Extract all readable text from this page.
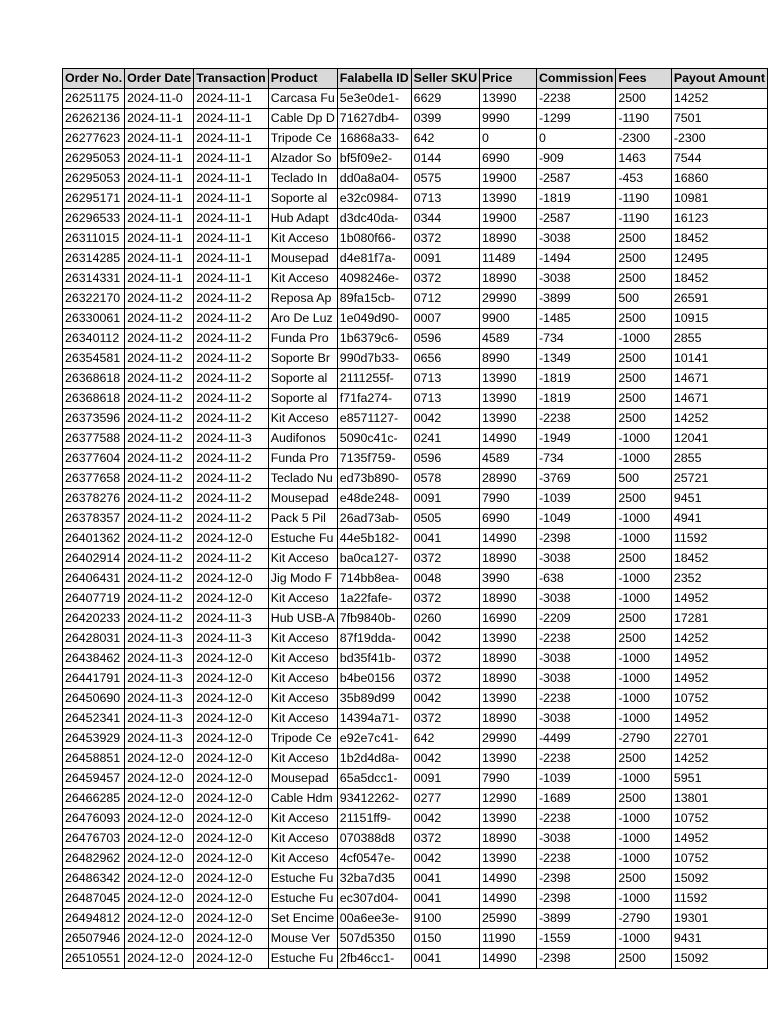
Order No.	Order Date	Transaction	Product	Falabella ID	Seller SKU	Price	Commission	Fees	Payout Amount
26251175	2024-11-0	2024-11-1	Carcasa Fu	5e3e0de1-	6629	13990	-2238	2500	14252
26262136	2024-11-1	2024-11-1	Cable Dp D	71627db4-	0399	9990	-1299	-1190	7501
26277623	2024-11-1	2024-11-1	Tripode Ce	16868a33-	642	0	0	-2300	-2300
26295053	2024-11-1	2024-11-1	Alzador So	bf5f09e2-	0144	6990	-909	1463	7544
26295053	2024-11-1	2024-11-1	Teclado In	dd0a8a04-	0575	19900	-2587	-453	16860
26295171	2024-11-1	2024-11-1	Soporte al	e32c0984-	0713	13990	-1819	-1190	10981
26296533	2024-11-1	2024-11-1	Hub Adapt	d3dc40da-	0344	19900	-2587	-1190	16123
26311015	2024-11-1	2024-11-1	Kit Acceso	1b080f66-	0372	18990	-3038	2500	18452
26314285	2024-11-1	2024-11-1	Mousepad	d4e81f7a-	0091	11489	-1494	2500	12495
26314331	2024-11-1	2024-11-1	Kit Acceso	4098246e-	0372	18990	-3038	2500	18452
26322170	2024-11-2	2024-11-2	Reposa Ap	89fa15cb-	0712	29990	-3899	500	26591
26330061	2024-11-2	2024-11-2	Aro De Luz	1e049d90-	0007	9900	-1485	2500	10915
26340112	2024-11-2	2024-11-2	Funda Pro	1b6379c6-	0596	4589	-734	-1000	2855
26354581	2024-11-2	2024-11-2	Soporte Br	990d7b33-	0656	8990	-1349	2500	10141
26368618	2024-11-2	2024-11-2	Soporte al	2111255f-	0713	13990	-1819	2500	14671
26368618	2024-11-2	2024-11-2	Soporte al	f71fa274-	0713	13990	-1819	2500	14671
26373596	2024-11-2	2024-11-2	Kit Acceso	e8571127-	0042	13990	-2238	2500	14252
26377588	2024-11-2	2024-11-3	Audifonos	5090c41c-	0241	14990	-1949	-1000	12041
26377604	2024-11-2	2024-11-2	Funda Pro	7135f759-	0596	4589	-734	-1000	2855
26377658	2024-11-2	2024-11-2	Teclado Nu	ed73b890-	0578	28990	-3769	500	25721
26378276	2024-11-2	2024-11-2	Mousepad	e48de248-	0091	7990	-1039	2500	9451
26378357	2024-11-2	2024-11-2	Pack 5 Pil	26ad73ab-	0505	6990	-1049	-1000	4941
26401362	2024-11-2	2024-12-0	Estuche Fu	44e5b182-	0041	14990	-2398	-1000	11592
26402914	2024-11-2	2024-11-2	Kit Acceso	ba0ca127-	0372	18990	-3038	2500	18452
26406431	2024-11-2	2024-12-0	Jig Modo F	714bb8ea-	0048	3990	-638	-1000	2352
26407719	2024-11-2	2024-12-0	Kit Acceso	1a22fafe-	0372	18990	-3038	-1000	14952
26420233	2024-11-2	2024-11-3	Hub USB-A	7fb9840b-	0260	16990	-2209	2500	17281
26428031	2024-11-3	2024-11-3	Kit Acceso	87f19dda-	0042	13990	-2238	2500	14252
26438462	2024-11-3	2024-12-0	Kit Acceso	bd35f41b-	0372	18990	-3038	-1000	14952
26441791	2024-11-3	2024-12-0	Kit Acceso	b4be0156	0372	18990	-3038	-1000	14952
26450690	2024-11-3	2024-12-0	Kit Acceso	35b89d99	0042	13990	-2238	-1000	10752
26452341	2024-11-3	2024-12-0	Kit Acceso	14394a71-	0372	18990	-3038	-1000	14952
26453929	2024-11-3	2024-12-0	Tripode Ce	e92e7c41-	642	29990	-4499	-2790	22701
26458851	2024-12-0	2024-12-0	Kit Acceso	1b2d4d8a-	0042	13990	-2238	2500	14252
26459457	2024-12-0	2024-12-0	Mousepad	65a5dcc1-	0091	7990	-1039	-1000	5951
26466285	2024-12-0	2024-12-0	Cable Hdm	93412262-	0277	12990	-1689	2500	13801
26476093	2024-12-0	2024-12-0	Kit Acceso	21151ff9-	0042	13990	-2238	-1000	10752
26476703	2024-12-0	2024-12-0	Kit Acceso	070388d8	0372	18990	-3038	-1000	14952
26482962	2024-12-0	2024-12-0	Kit Acceso	4cf0547e-	0042	13990	-2238	-1000	10752
26486342	2024-12-0	2024-12-0	Estuche Fu	32ba7d35	0041	14990	-2398	2500	15092
26487045	2024-12-0	2024-12-0	Estuche Fu	ec307d04-	0041	14990	-2398	-1000	11592
26494812	2024-12-0	2024-12-0	Set Encime	00a6ee3e-	9100	25990	-3899	-2790	19301
26507946	2024-12-0	2024-12-0	Mouse Ver	507d5350	0150	11990	-1559	-1000	9431
26510551	2024-12-0	2024-12-0	Estuche Fu	2fb46cc1-	0041	14990	-2398	2500	15092
